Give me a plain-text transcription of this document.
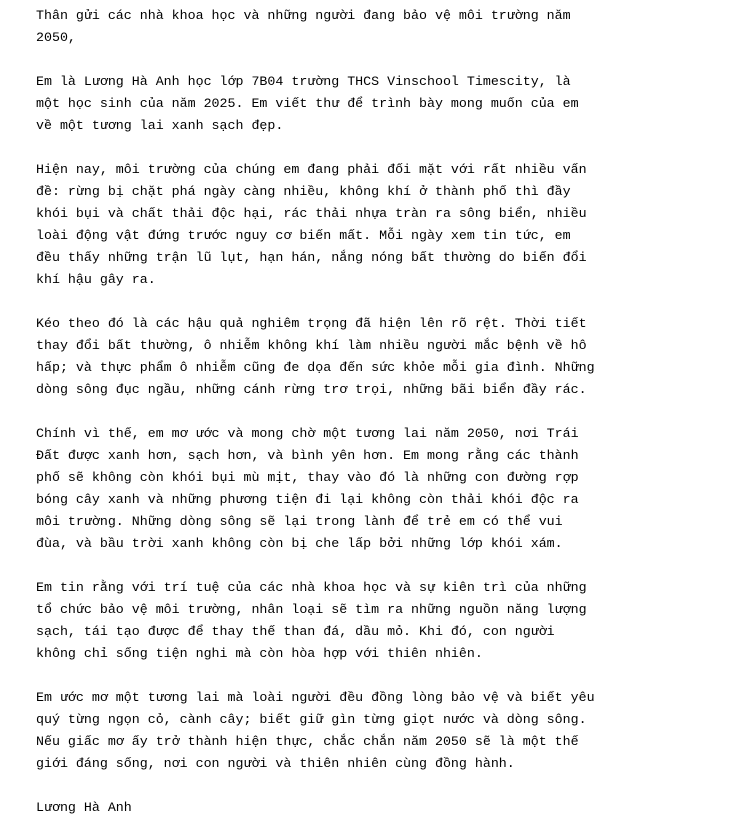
Thân gửi các nhà khoa học và những người đang bảo vệ môi trường năm
2050,
Em là Lương Hà Anh học lớp 7B04 trường THCS Vinschool Timescity, là
một học sinh của năm 2025. Em viết thư để trình bày mong muốn của em
về một tương lai xanh sạch đẹp.
Hiện nay, môi trường của chúng em đang phải đối mặt với rất nhiều vấn
đề: rừng bị chặt phá ngày càng nhiều, không khí ở thành phố thì đầy
khói bụi và chất thải độc hại, rác thải nhựa tràn ra sông biển, nhiều
loài động vật đứng trước nguy cơ biến mất. Mỗi ngày xem tin tức, em
đều thấy những trận lũ lụt, hạn hán, nắng nóng bất thường do biến đổi
khí hậu gây ra.
Kéo theo đó là các hậu quả nghiêm trọng đã hiện lên rõ rệt. Thời tiết
thay đổi bất thường, ô nhiễm không khí làm nhiều người mắc bệnh về hô
hấp; và thực phẩm ô nhiễm cũng đe dọa đến sức khỏe mỗi gia đình. Những
dòng sông đục ngầu, những cánh rừng trơ trọi, những bãi biển đầy rác.
Chính vì thế, em mơ ước và mong chờ một tương lai năm 2050, nơi Trái
Đất được xanh hơn, sạch hơn, và bình yên hơn. Em mong rằng các thành
phố sẽ không còn khói bụi mù mịt, thay vào đó là những con đường rợp
bóng cây xanh và những phương tiện đi lại không còn thải khói độc ra
môi trường. Những dòng sông sẽ lại trong lành để trẻ em có thể vui
đùa, và bầu trời xanh không còn bị che lấp bởi những lớp khói xám.
Em tin rằng với trí tuệ của các nhà khoa học và sự kiên trì của những
tổ chức bảo vệ môi trường, nhân loại sẽ tìm ra những nguồn năng lượng
sạch, tái tạo được để thay thế than đá, dầu mỏ. Khi đó, con người
không chỉ sống tiện nghi mà còn hòa hợp với thiên nhiên.
Em ước mơ một tương lai mà loài người đều đồng lòng bảo vệ và biết yêu
quý từng ngọn cỏ, cành cây; biết giữ gìn từng giọt nước và dòng sông.
Nếu giấc mơ ấy trở thành hiện thực, chắc chắn năm 2050 sẽ là một thế
giới đáng sống, nơi con người và thiên nhiên cùng đồng hành.
Lương Hà Anh
